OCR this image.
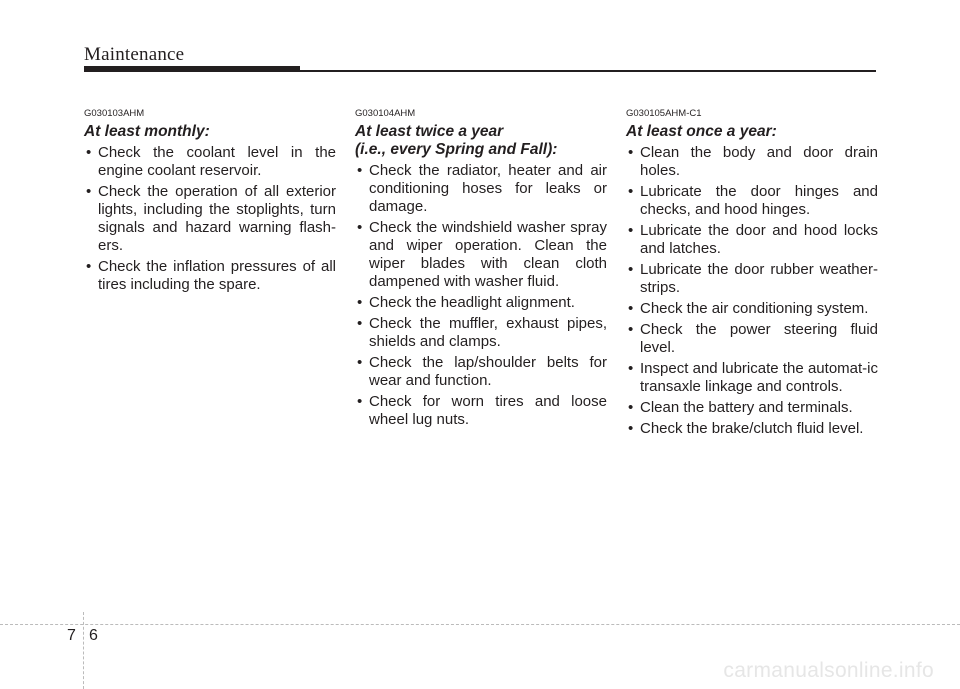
Maintenance
G030103AHM
At least monthly:
• Check the coolant level in the engine coolant reservoir.
• Check the operation of all exterior lights, including the stoplights, turn signals and hazard warning flash-ers.
• Check the inflation pressures of all tires including the spare.
G030104AHM
At least twice a year
(i.e., every Spring and Fall):
• Check the radiator, heater and air conditioning hoses for leaks or damage.
• Check the windshield washer spray and wiper operation. Clean the wiper blades with clean cloth dampened with washer fluid.
• Check the headlight alignment.
• Check the muffler, exhaust pipes, shields and clamps.
• Check the lap/shoulder belts for wear and function.
• Check for worn tires and loose wheel lug nuts.
G030105AHM-C1
At least once a year:
• Clean the body and door drain holes.
• Lubricate the door hinges and checks, and hood hinges.
• Lubricate the door and hood locks and latches.
• Lubricate the door rubber weather-strips.
• Check the air conditioning system.
• Check the power steering fluid level.
• Inspect and lubricate the automat-ic transaxle linkage and controls.
• Clean the battery and terminals.
• Check the brake/clutch fluid level.
7 6
carmanualsonline.info
